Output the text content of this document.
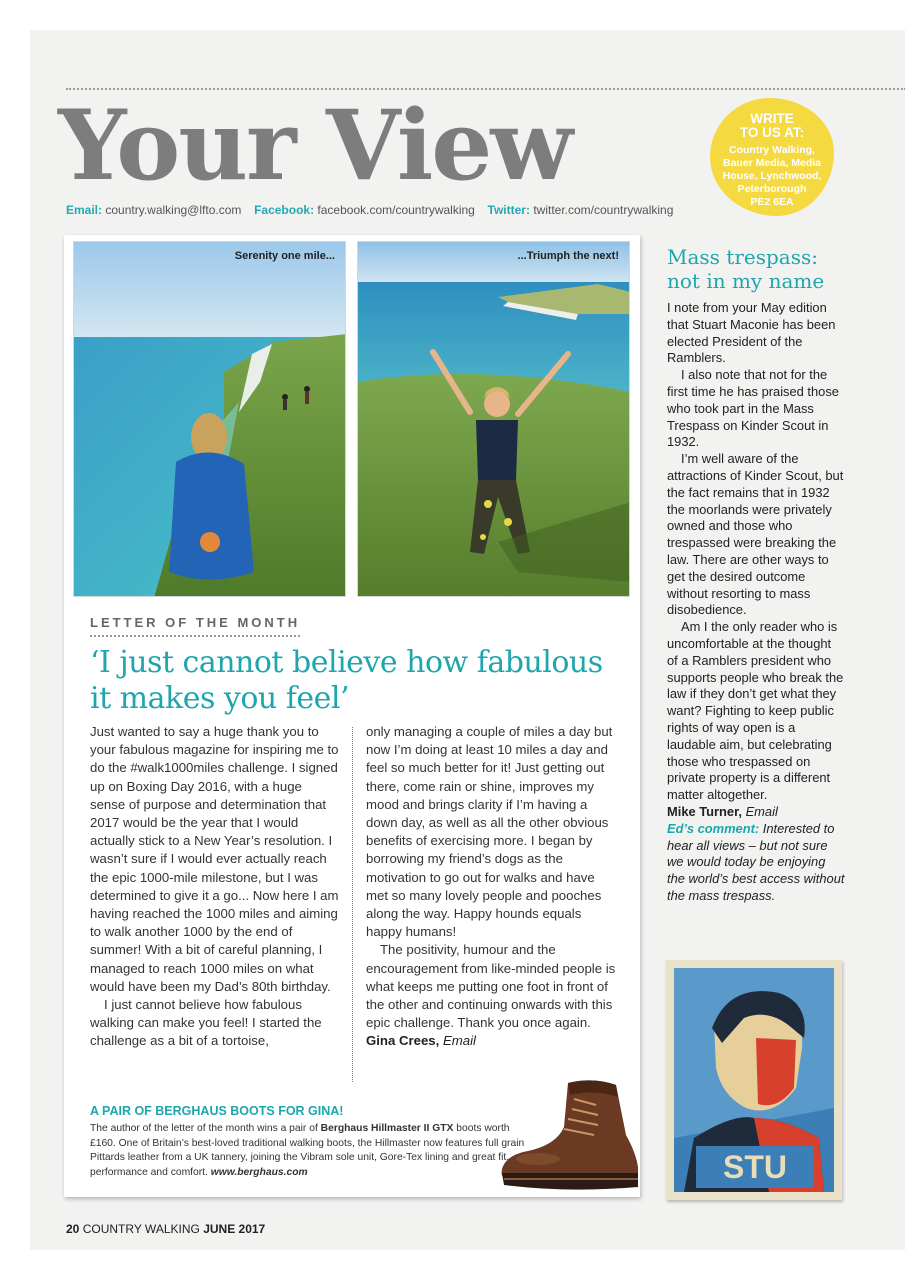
Your View
Email: country.walking@lfto.com Facebook: facebook.com/countrywalking Twitter: twitter.com/countrywalking
WRITE
TO US AT:
Country Walking,
Bauer Media, Media
House, Lynchwood,
Peterborough
PE2 6EA
Serenity one mile...	...Triumph the next!
LETTER OF THE MONTH
‘I just cannot believe how fabulous it makes you feel’

Just wanted to say a huge thank you to your fabulous magazine for inspiring me to do the #walk1000miles challenge. I signed up on Boxing Day 2016, with a huge sense of purpose and determination that 2017 would be the year that I would actually stick to a New Year’s resolution. I wasn’t sure if I would ever actually reach the epic 1000-mile milestone, but I was determined to give it a go... Now here I am having reached the 1000 miles and aiming to walk another 1000 by the end of summer! With a bit of careful planning, I managed to reach 1000 miles on what would have been my Dad’s 80th birthday.

I just cannot believe how fabulous walking can make you feel! I started the challenge as a bit of a tortoise,

only managing a couple of miles a day but now I’m doing at least 10 miles a day and feel so much better for it! Just getting out there, come rain or shine, improves my mood and brings clarity if I’m having a down day, as well as all the other obvious benefits of exercising more. I began by borrowing my friend’s dogs as the motivation to go out for walks and have met so many lovely people and pooches along the way. Happy hounds equals happy humans!

The positivity, humour and the encouragement from like-minded people is what keeps me putting one foot in front of the other and continuing onwards with this epic challenge. Thank you once again.

Gina Crees, Email

A PAIR OF BERGHAUS BOOTS FOR GINA!
The author of the letter of the month wins a pair of Berghaus Hillmaster II GTX boots worth £160. One of Britain’s best-loved traditional walking boots, the Hillmaster now features full grain Pittards leather from a UK tannery, joining the Vibram sole unit, Gore-Tex lining and great fit, performance and comfort. www.berghaus.com
Mass trespass:
not in my name

I note from your May edition that Stuart Maconie has been elected President of the Ramblers.

I also note that not for the first time he has praised those who took part in the Mass Trespass on Kinder Scout in 1932.

I’m well aware of the attractions of Kinder Scout, but the fact remains that in 1932 the moorlands were privately owned and those who trespassed were breaking the law. There are other ways to get the desired outcome without resorting to mass disobedience.

Am I the only reader who is uncomfortable at the thought of a Ramblers president who supports people who break the law if they don’t get what they want? Fighting to keep public rights of way open is a laudable aim, but celebrating those who trespassed on private property is a different matter altogether.

Mike Turner, Email

Ed’s comment: Interested to hear all views – but not sure we would today be enjoying the world’s best access without the mass trespass.

STU
20 COUNTRY WALKING JUNE 2017
